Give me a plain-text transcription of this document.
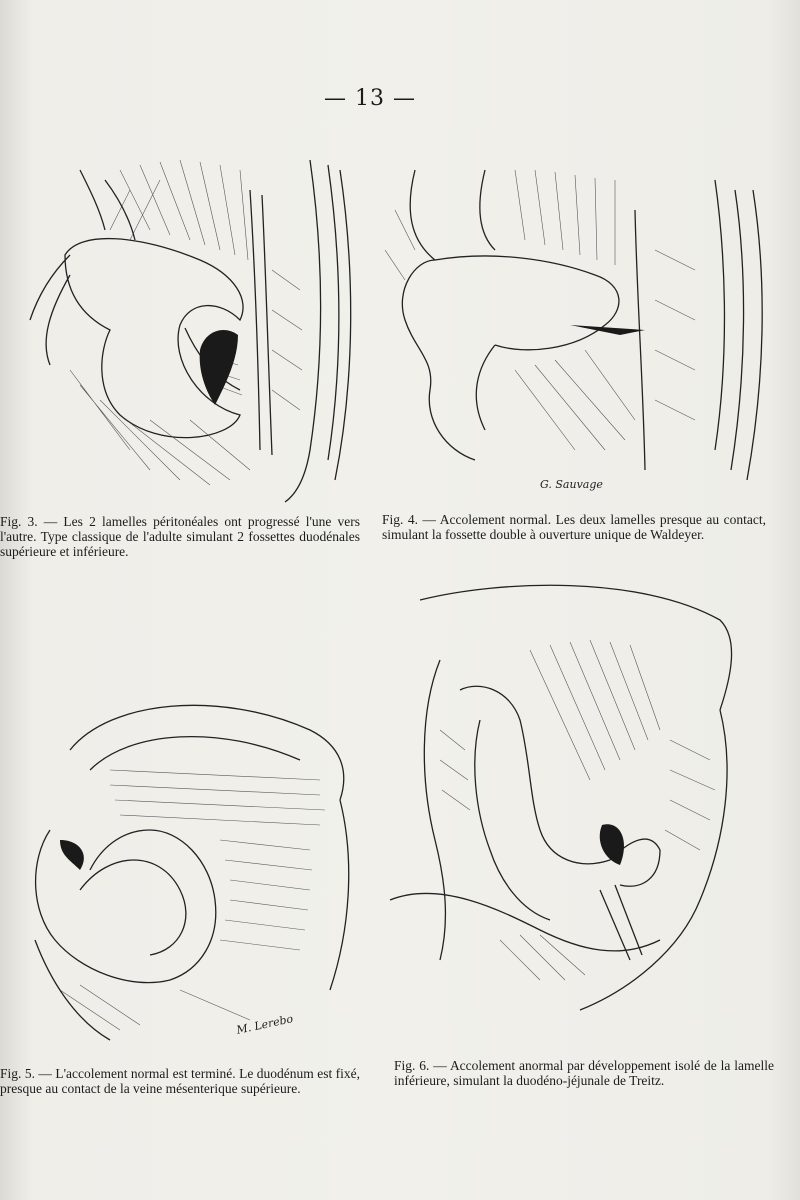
— 13 —
G. Sauvage
Fig. 3. — Les 2 lamelles péritonéales ont progressé l'une vers l'autre. Type classique de l'adulte simulant 2 fossettes duodénales supérieure et inférieure.
Fig. 4. — Accolement normal. Les deux lamelles presque au contact, simulant la fossette double à ouverture unique de Waldeyer.
M. Lerebo
Fig. 5. — L'accolement normal est terminé. Le duodénum est fixé, presque au contact de la veine mésenterique supérieure.
Fig. 6. — Accolement anormal par développement isolé de la lamelle inférieure, simulant la duodéno-jéjunale de Treitz.
